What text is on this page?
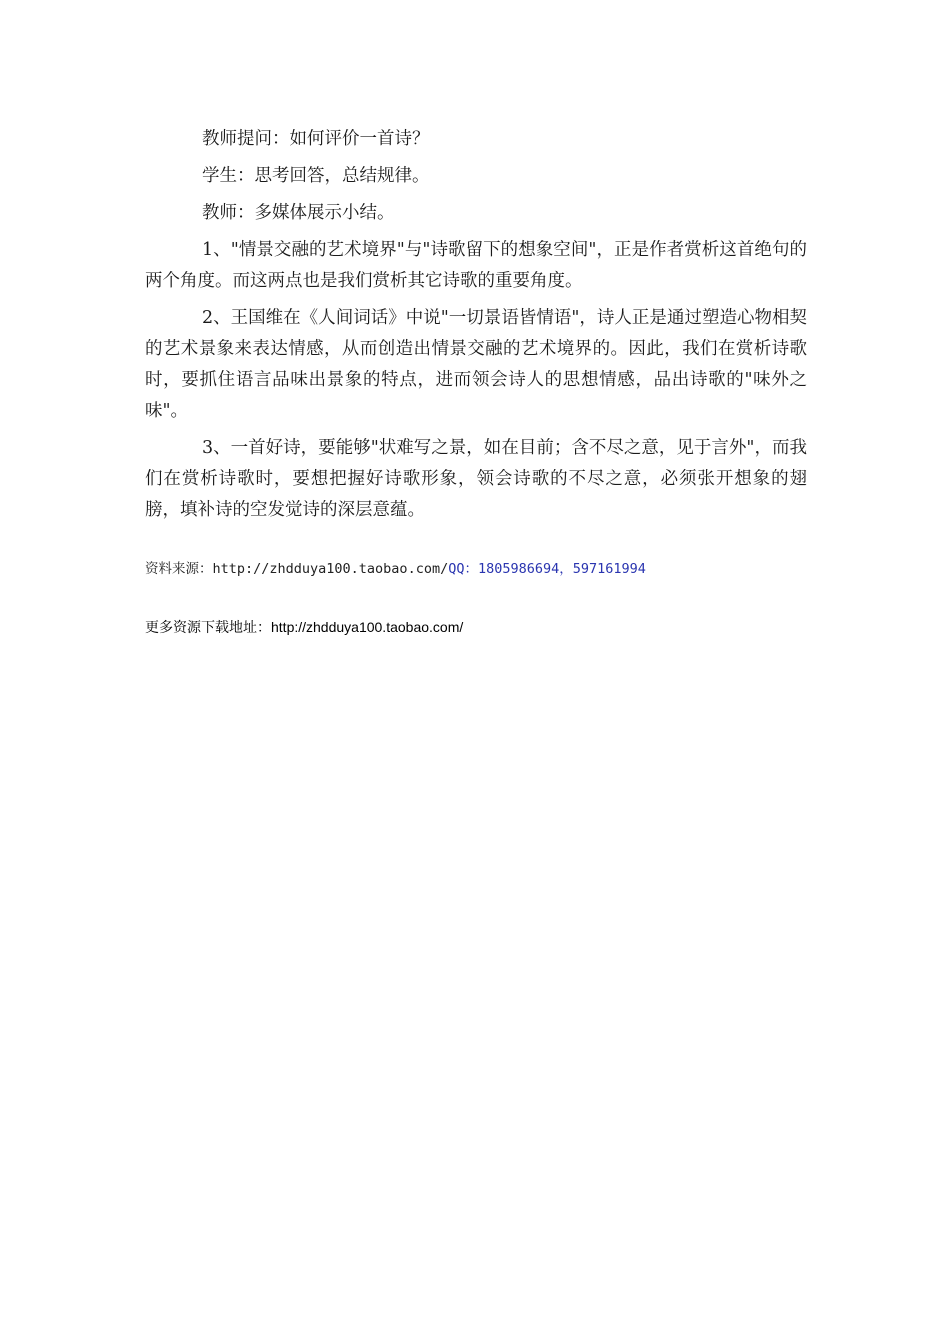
教师提问：如何评价一首诗？

学生：思考回答，总结规律。

教师：多媒体展示小结。

1、"情景交融的艺术境界"与"诗歌留下的想象空间"，正是作者赏析这首绝句的两个角度。而这两点也是我们赏析其它诗歌的重要角度。

2、王国维在《人间词话》中说"一切景语皆情语"，诗人正是通过塑造心物相契的艺术景象来表达情感，从而创造出情景交融的艺术境界的。因此，我们在赏析诗歌时，要抓住语言品味出景象的特点，进而领会诗人的思想情感，品出诗歌的"味外之味"。

3、一首好诗，要能够"状难写之景，如在目前；含不尽之意，见于言外"，而我们在赏析诗歌时，要想把握好诗歌形象，领会诗歌的不尽之意，必须张开想象的翅膀，填补诗的空发觉诗的深层意蕴。

资料来源：http://zhdduya100.taobao.com/QQ：1805986694，597161994
更多资源下载地址：http://zhdduya100.taobao.com/
